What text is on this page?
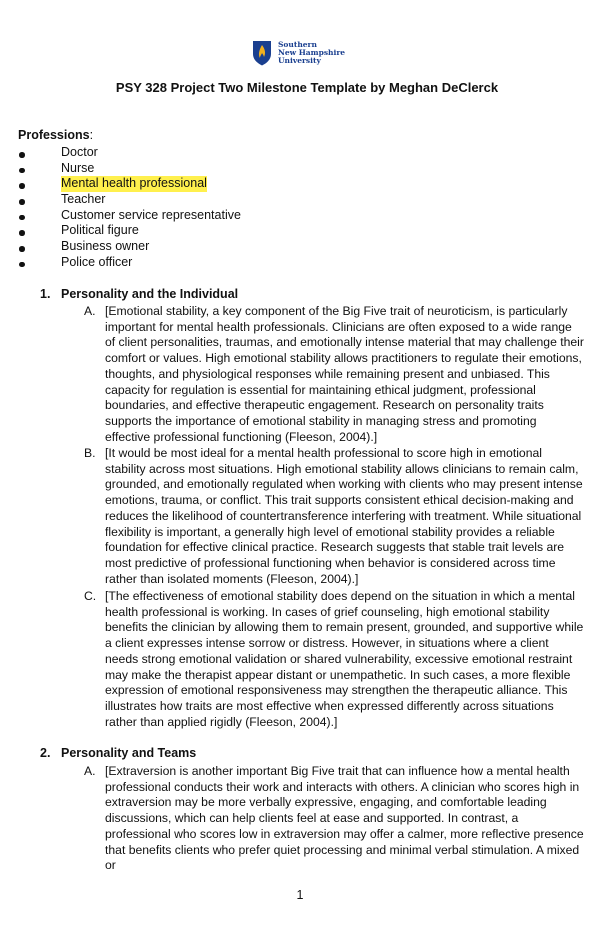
Southern
New Hampshire
University
PSY 328 Project Two Milestone Template by Meghan DeClerck
Professions:
Doctor
Nurse
Mental health professional
Teacher
Customer service representative
Political figure
Business owner
Police officer
1. Personality and the Individual
A. [Emotional stability, a key component of the Big Five trait of neuroticism, is particularly important for mental health professionals. Clinicians are often exposed to a wide range of client personalities, traumas, and emotionally intense material that may challenge their comfort or values. High emotional stability allows practitioners to regulate their emotions, thoughts, and physiological responses while remaining present and unbiased. This capacity for regulation is essential for maintaining ethical judgment, professional boundaries, and effective therapeutic engagement. Research on personality traits supports the importance of emotional stability in managing stress and promoting effective professional functioning (Fleeson, 2004).]
B. [It would be most ideal for a mental health professional to score high in emotional stability across most situations. High emotional stability allows clinicians to remain calm, grounded, and emotionally regulated when working with clients who may present intense emotions, trauma, or conflict. This trait supports consistent ethical decision-making and reduces the likelihood of countertransference interfering with treatment. While situational flexibility is important, a generally high level of emotional stability provides a reliable foundation for effective clinical practice. Research suggests that stable trait levels are most predictive of professional functioning when behavior is considered across time rather than isolated moments (Fleeson, 2004).]
C. [The effectiveness of emotional stability does depend on the situation in which a mental health professional is working. In cases of grief counseling, high emotional stability benefits the clinician by allowing them to remain present, grounded, and supportive while a client expresses intense sorrow or distress. However, in situations where a client needs strong emotional validation or shared vulnerability, excessive emotional restraint may make the therapist appear distant or unempathetic. In such cases, a more flexible expression of emotional responsiveness may strengthen the therapeutic alliance. This illustrates how traits are most effective when expressed differently across situations rather than applied rigidly (Fleeson, 2004).]
2. Personality and Teams
A. [Extraversion is another important Big Five trait that can influence how a mental health professional conducts their work and interacts with others. A clinician who scores high in extraversion may be more verbally expressive, engaging, and comfortable leading discussions, which can help clients feel at ease and supported. In contrast, a professional who scores low in extraversion may offer a calmer, more reflective presence that benefits clients who prefer quiet processing and minimal verbal stimulation. A mixed or
1
